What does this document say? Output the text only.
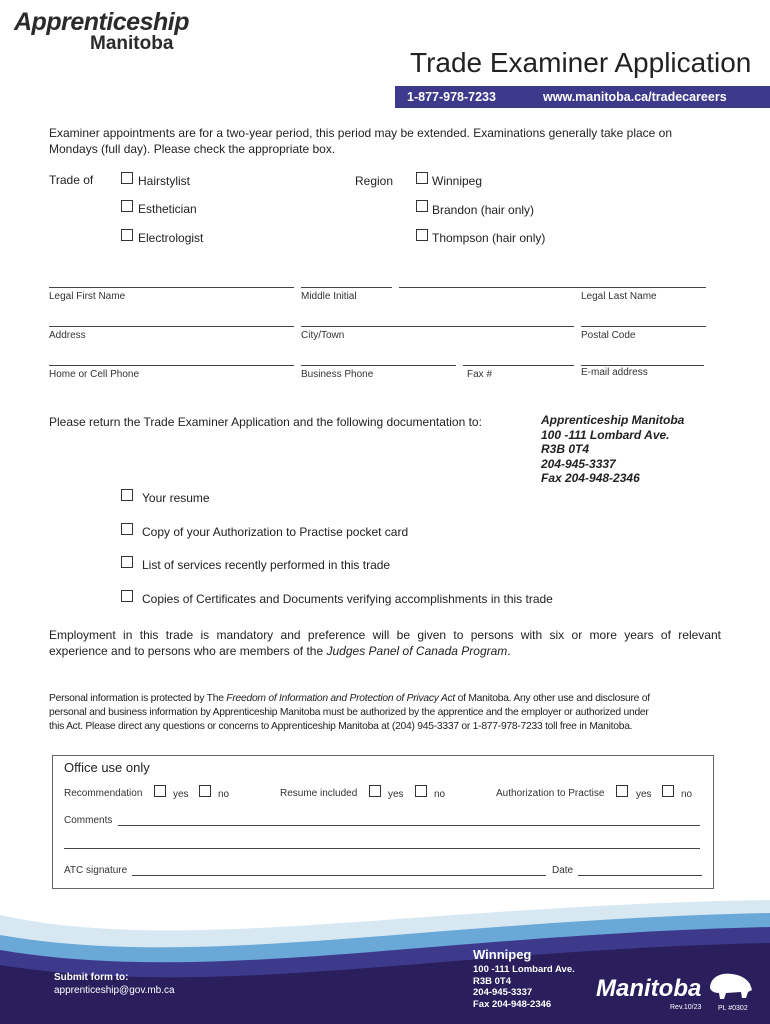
Apprenticeship
Manitoba
Trade Examiner Application
1-877-978-7233	www.manitoba.ca/tradecareers
Examiner appointments are for a two-year period, this period may be extended. Examinations generally take place on
Mondays (full day). Please check the appropriate box.
Trade of	Hairstylist
Esthetician
Electrologist
Region	Winnipeg
Brandon (hair only)
Thompson (hair only)
Legal First Name	Middle Initial	Legal Last Name
Address	City/Town	Postal Code
Home or Cell Phone	Business Phone	Fax #	E-mail address
Please return the Trade Examiner Application and the following documentation to:	Apprenticeship Manitoba
100 -111 Lombard Ave.
R3B 0T4
204-945-3337
Fax 204-948-2346
Your resume
Copy of your Authorization to Practise pocket card
List of services recently performed in this trade
Copies of Certificates and Documents verifying accomplishments in this trade
Employment in this trade is mandatory and preference will be given to persons with six or more years of relevant
experience and to persons who are members of the Judges Panel of Canada Program.
Personal information is protected by The Freedom of Information and Protection of Privacy Act of Manitoba. Any other use and disclosure of
personal and business information by Apprenticeship Manitoba must be authorized by the apprentice and the employer or authorized under
this Act. Please direct any questions or concerns to Apprenticeship Manitoba at (204) 945-3337 or 1-877-978-7233 toll free in Manitoba.
Office use only
Recommendation	yes	no	Resume included	yes	no	Authorization to Practise	yes	no
Comments
ATC signature	Date
Submit form to:
apprenticeship@gov.mb.ca
Winnipeg
100 -111 Lombard Ave.
R3B 0T4
204-945-3337
Fax 204-948-2346
Manitoba
Rev.10/23 PL #0302
